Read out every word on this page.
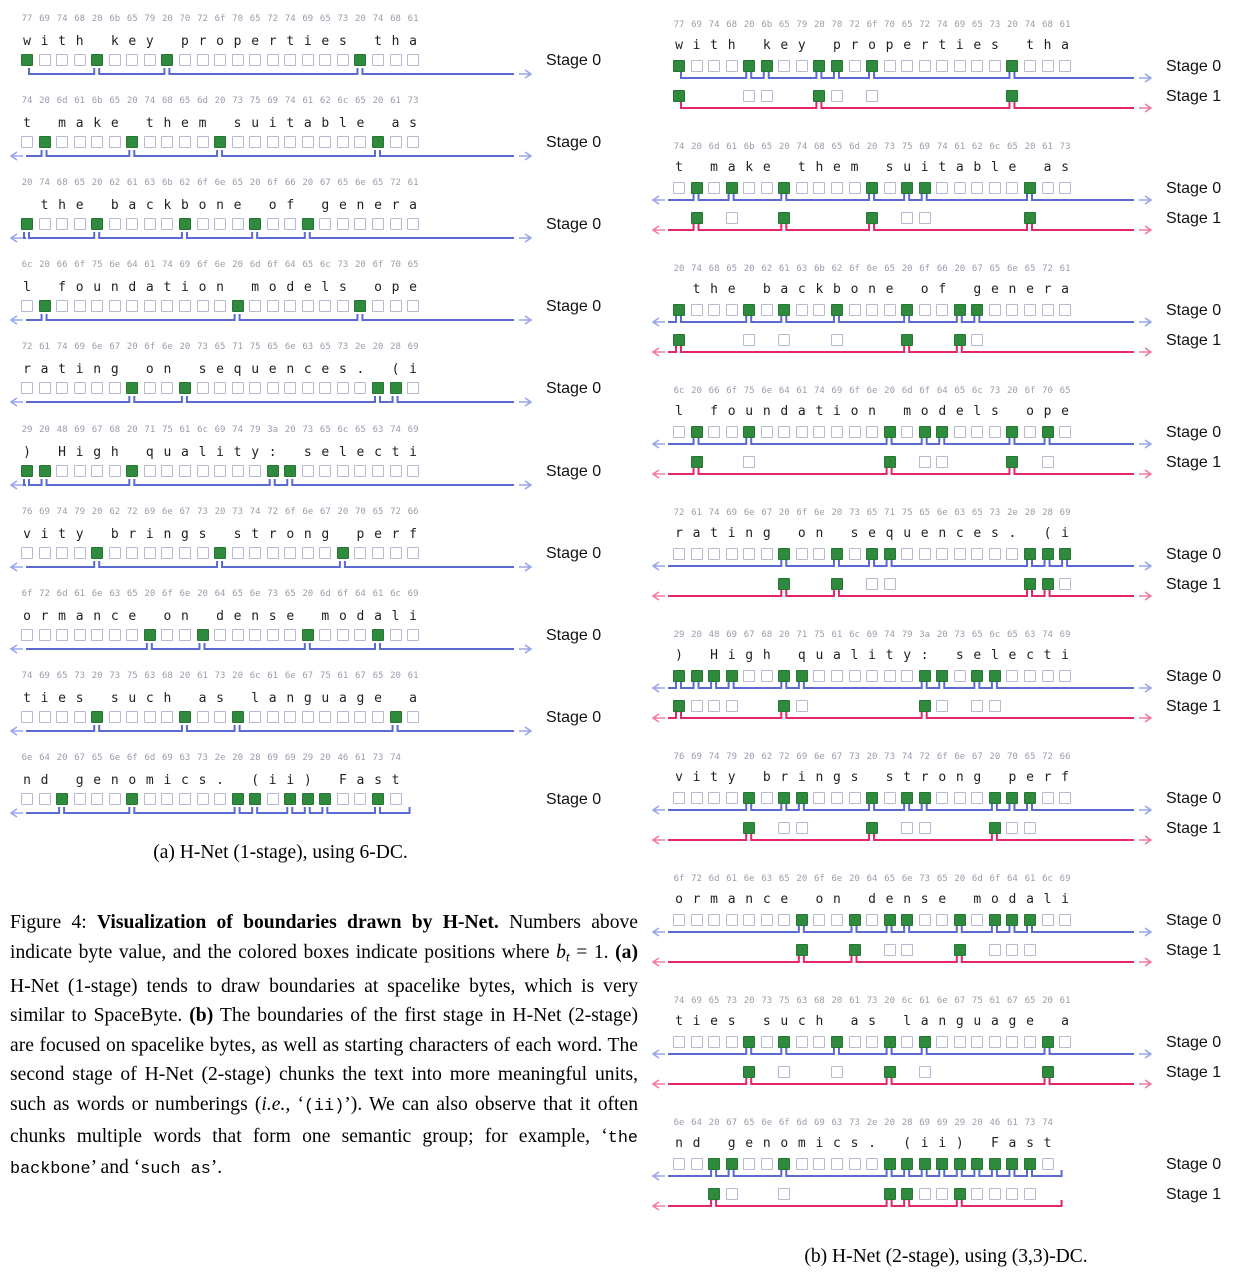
77 69 74 68 20 6b 65 79 20 70 72 6f 70 65 72 74 69 65 73 20 74 68 61
w i t h	k e y	p r o p e r t i e s	t h a
Stage 0
74 20 6d 61 6b 65 20 74 68 65 6d 20 73 75 69 74 61 62 6c 65 20 61 73
t	m a k e	t h e m	s u i t a b l e	a s
Stage 0
20 74 68 65 20 62 61 63 6b 62 6f 6e 65 20 6f 66 20 67 65 6e 65 72 61
t h e	b a c k b o n e	o f	g e n e r a
Stage 0
6c 20 66 6f 75 6e 64 61 74 69 6f 6e 20 6d 6f 64 65 6c 73 20 6f 70 65
l	f o u n d a t i o n	m o d e l s	o p e
Stage 0
72 61 74 69 6e 67 20 6f 6e 20 73 65 71 75 65 6e 63 65 73 2e 20 28 69
r a t i n g	o n	s e q u e n c e s .	( i
Stage 0
29 20 48 69 67 68 20 71 75 61 6c 69 74 79 3a 20 73 65 6c 65 63 74 69
)	H i g h	q u a l i t y :	s e l e c t i
Stage 0
76 69 74 79 20 62 72 69 6e 67 73 20 73 74 72 6f 6e 67 20 70 65 72 66
v i t y	b r i n g s	s t r o n g	p e r f
Stage 0
6f 72 6d 61 6e 63 65 20 6f 6e 20 64 65 6e 73 65 20 6d 6f 64 61 6c 69
o r m a n c e	o n	d e n s e	m o d a l i
Stage 0
74 69 65 73 20 73 75 63 68 20 61 73 20 6c 61 6e 67 75 61 67 65 20 61
t i e s	s u c h	a s	l a n g u a g e	a
Stage 0
6e 64 20 67 65 6e 6f 6d 69 63 73 2e 20 28 69 69 29 20 46 61 73 74
n d	g e n o m i c s .	( i i )	F a s t
Stage 0
77 69 74 68 20 6b 65 79 20 70 72 6f 70 65 72 74 69 65 73 20 74 68 61
w i t h	k e y	p r o p e r t i e s	t h a
Stage 0
Stage 1
74 20 6d 61 6b 65 20 74 68 65 6d 20 73 75 69 74 61 62 6c 65 20 61 73
t	m a k e	t h e m	s u i t a b l e	a s
Stage 0
Stage 1
20 74 68 65 20 62 61 63 6b 62 6f 6e 65 20 6f 66 20 67 65 6e 65 72 61
t h e	b a c k b o n e	o f	g e n e r a
Stage 0
Stage 1
6c 20 66 6f 75 6e 64 61 74 69 6f 6e 20 6d 6f 64 65 6c 73 20 6f 70 65
l	f o u n d a t i o n	m o d e l s	o p e
Stage 0
Stage 1
72 61 74 69 6e 67 20 6f 6e 20 73 65 71 75 65 6e 63 65 73 2e 20 28 69
r a t i n g	o n	s e q u e n c e s .	( i
Stage 0
Stage 1
29 20 48 69 67 68 20 71 75 61 6c 69 74 79 3a 20 73 65 6c 65 63 74 69
)	H i g h	q u a l i t y :	s e l e c t i
Stage 0
Stage 1
76 69 74 79 20 62 72 69 6e 67 73 20 73 74 72 6f 6e 67 20 70 65 72 66
v i t y	b r i n g s	s t r o n g	p e r f
Stage 0
Stage 1
6f 72 6d 61 6e 63 65 20 6f 6e 20 64 65 6e 73 65 20 6d 6f 64 61 6c 69
o r m a n c e	o n	d e n s e	m o d a l i
Stage 0
Stage 1
74 69 65 73 20 73 75 63 68 20 61 73 20 6c 61 6e 67 75 61 67 65 20 61
t i e s	s u c h	a s	l a n g u a g e	a
Stage 0
Stage 1
6e 64 20 67 65 6e 6f 6d 69 63 73 2e 20 28 69 69 29 20 46 61 73 74
n d	g e n o m i c s .	( i i )	F a s t
Stage 0
Stage 1
(a) H-Net (1-stage), using 6-DC.
Figure 4: Visualization of boundaries drawn by H-Net. Numbers above indicate byte value, and the colored boxes indicate positions where bt = 1. (a) H-Net (1-stage) tends to draw boundaries at spacelike bytes, which is very similar to SpaceByte. (b) The boundaries of the first stage in H-Net (2-stage) are focused on spacelike bytes, as well as starting characters of each word. The second stage of H-Net (2-stage) chunks the text into more meaningful units, such as words or numberings (i.e., ‘(ii)’). We can also observe that it often chunks multiple words that form one semantic group; for example, ‘the backbone’ and ‘such as’.
(b) H-Net (2-stage), using (3,3)-DC.
